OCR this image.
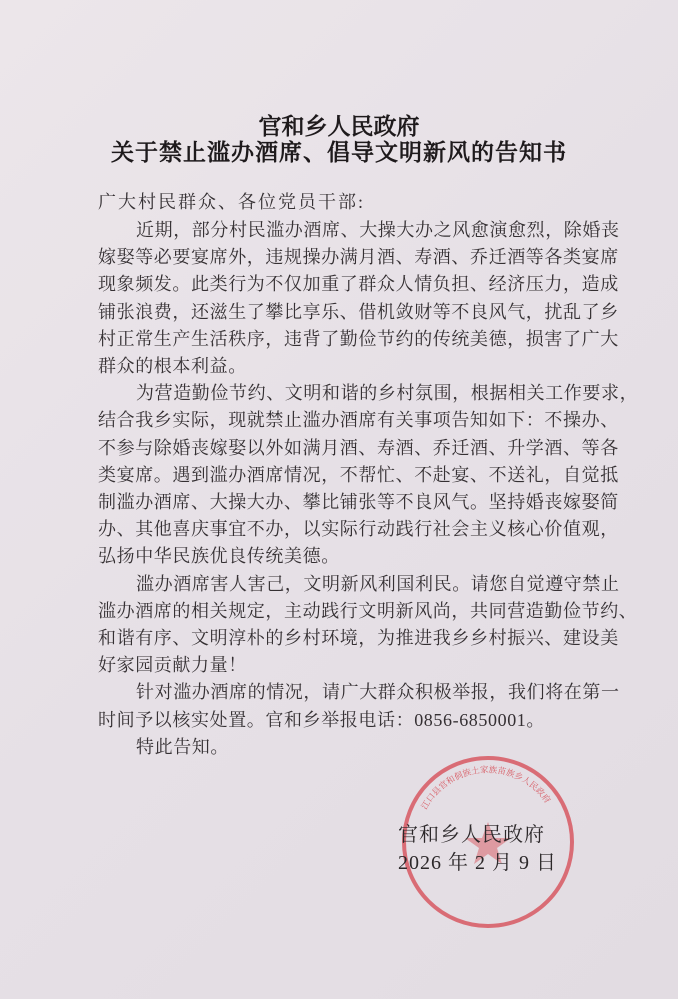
官和乡人民政府
关于禁止滥办酒席、倡导文明新风的告知书
广大村民群众、各位党员干部:
近期，部分村民滥办酒席、大操大办之风愈演愈烈，除婚丧
嫁娶等必要宴席外，违规操办满月酒、寿酒、乔迁酒等各类宴席
现象频发。此类行为不仅加重了群众人情负担、经济压力，造成
铺张浪费，还滋生了攀比享乐、借机敛财等不良风气，扰乱了乡
村正常生产生活秩序，违背了勤俭节约的传统美德，损害了广大
群众的根本利益。
为营造勤俭节约、文明和谐的乡村氛围，根据相关工作要求，
结合我乡实际，现就禁止滥办酒席有关事项告知如下：不操办、
不参与除婚丧嫁娶以外如满月酒、寿酒、乔迁酒、升学酒、等各
类宴席。遇到滥办酒席情况，不帮忙、不赴宴、不送礼，自觉抵
制滥办酒席、大操大办、攀比铺张等不良风气。坚持婚丧嫁娶简
办、其他喜庆事宜不办，以实际行动践行社会主义核心价值观，
弘扬中华民族优良传统美德。
滥办酒席害人害己，文明新风利国利民。请您自觉遵守禁止
滥办酒席的相关规定，主动践行文明新风尚，共同营造勤俭节约、
和谐有序、文明淳朴的乡村环境，为推进我乡乡村振兴、建设美
好家园贡献力量！
针对滥办酒席的情况，请广大群众积极举报，我们将在第一
时间予以核实处置。官和乡举报电话：0856-6850001。
特此告知。
江口县官和侗族土家族苗族乡人民政府
官和乡人民政府
2026 年 2 月 9 日
